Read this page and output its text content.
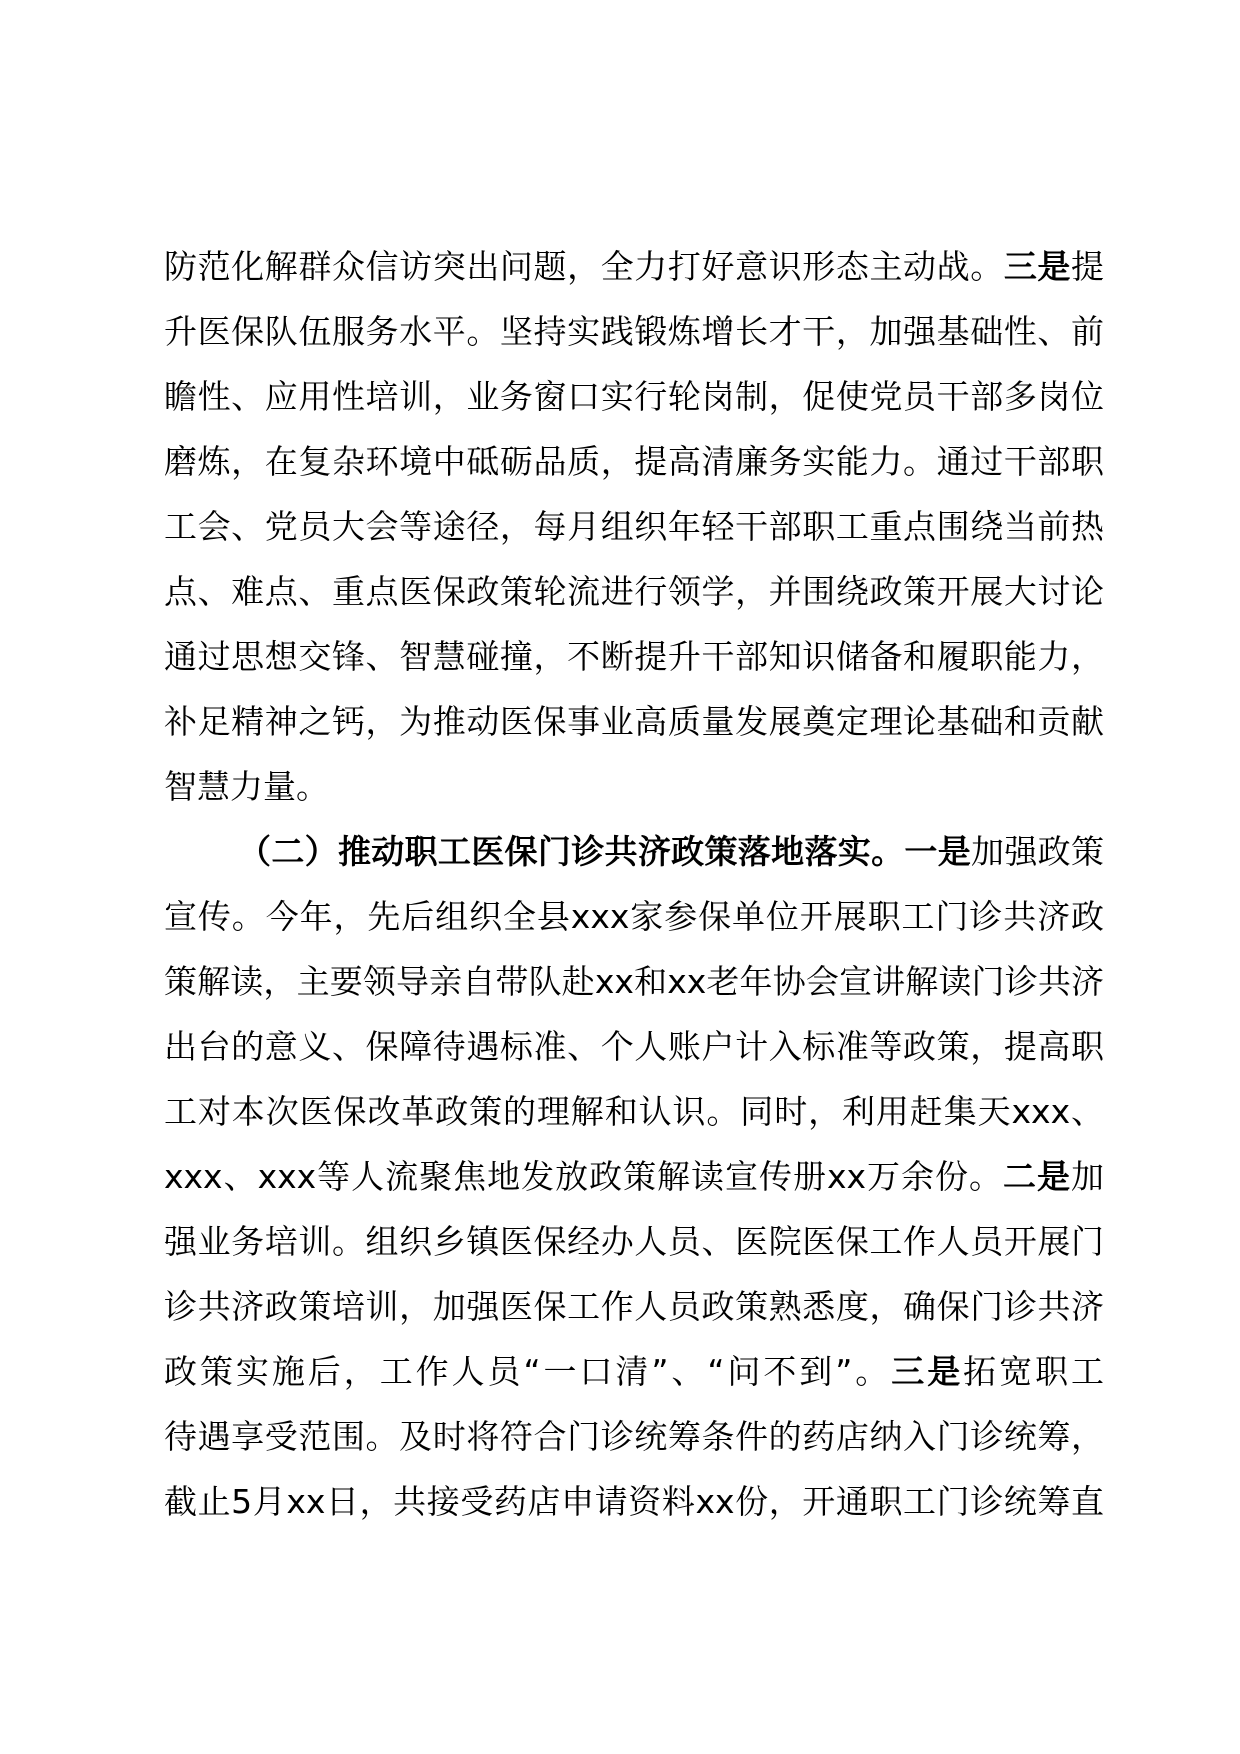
防范化解群众信访突出问题，全力打好意识形态主动战。三是提
升医保队伍服务水平。坚持实践锻炼增长才干，加强基础性、前
瞻性、应用性培训，业务窗口实行轮岗制，促使党员干部多岗位
磨炼，在复杂环境中砥砺品质，提高清廉务实能力。通过干部职
工会、党员大会等途径，每月组织年轻干部职工重点围绕当前热
点、难点、重点医保政策轮流进行领学，并围绕政策开展大讨论
通过思想交锋、智慧碰撞，不断提升干部知识储备和履职能力，
补足精神之钙，为推动医保事业高质量发展奠定理论基础和贡献
智慧力量。
（二）推动职工医保门诊共济政策落地落实。一是加强政策
宣传。今年，先后组织全县xxx家参保单位开展职工门诊共济政
策解读，主要领导亲自带队赴xx和xx老年协会宣讲解读门诊共济
出台的意义、保障待遇标准、个人账户计入标准等政策，提高职
工对本次医保改革政策的理解和认识。同时，利用赶集天xxx、
xxx、xxx等人流聚焦地发放政策解读宣传册xx万余份。二是加
强业务培训。组织乡镇医保经办人员、医院医保工作人员开展门
诊共济政策培训，加强医保工作人员政策熟悉度，确保门诊共济
政策实施后，工作人员“一口清”、“问不到”。三是拓宽职工
待遇享受范围。及时将符合门诊统筹条件的药店纳入门诊统筹，
截止5月xx日，共接受药店申请资料xx份，开通职工门诊统筹直
